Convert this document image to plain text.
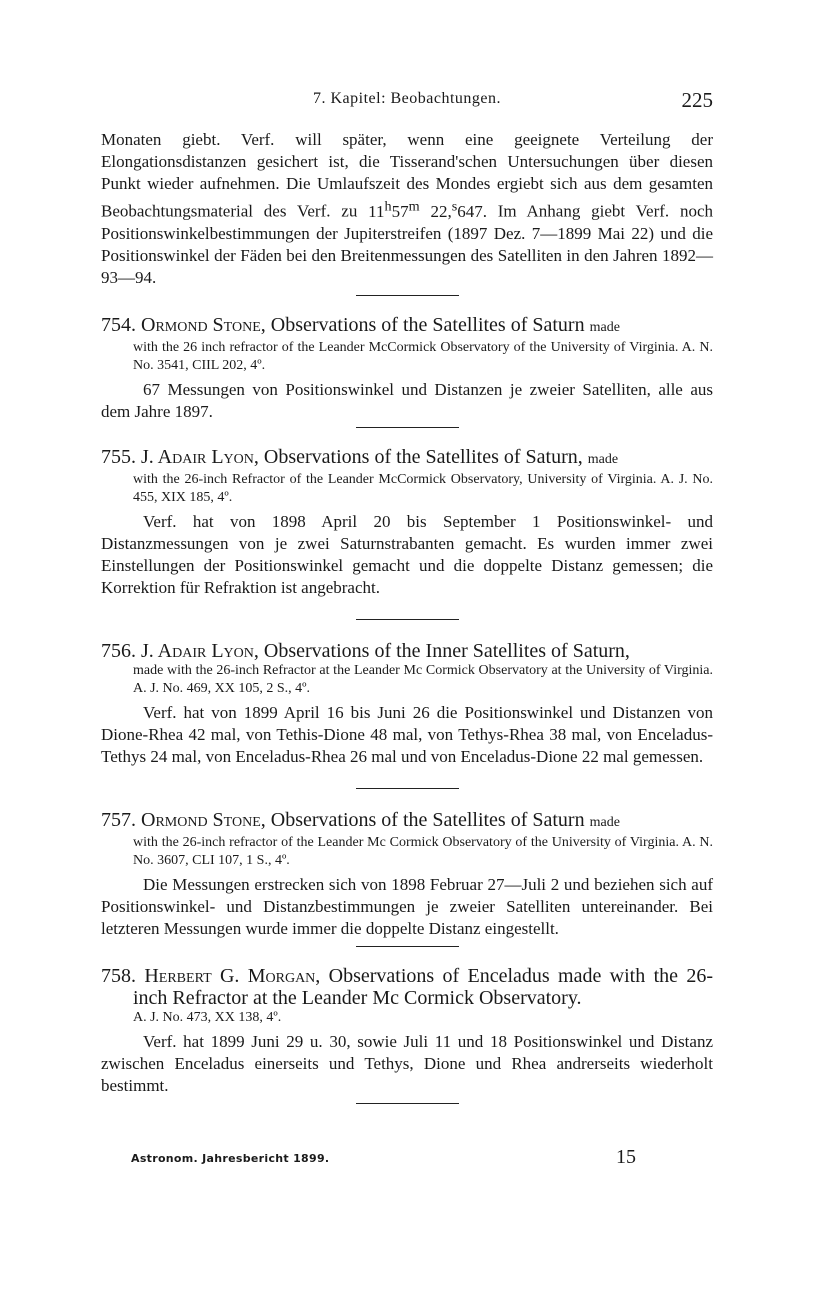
7. Kapitel: Beobachtungen.	225

Monaten giebt. Verf. will später, wenn eine geeignete Verteilung der Elongationsdistanzen gesichert ist, die Tisserand'schen Untersuchungen über diesen Punkt wieder aufnehmen. Die Umlaufszeit des Mondes ergiebt sich aus dem gesamten Beobachtungsmaterial des Verf. zu 11$^h$57$^m$ 22,$^s$647. Im Anhang giebt Verf. noch Positionswinkelbestimmungen der Jupiterstreifen (1897 Dez. 7—1899 Mai 22) und die Positionswinkel der Fäden bei den Breitenmessungen des Satelliten in den Jahren 1892—93—94.

754. Ormond Stone, Observations of the Satellites of Saturn made

with the 26 inch refractor of the Leander McCormick Observatory of the University of Virginia. A. N. No. 3541, CIIL 202, 4º.

67 Messungen von Positionswinkel und Distanzen je zweier Satelliten, alle aus dem Jahre 1897.

755. J. Adair Lyon, Observations of the Satellites of Saturn, made

with the 26-inch Refractor of the Leander McCormick Observatory, University of Virginia. A. J. No. 455, XIX 185, 4º.

Verf. hat von 1898 April 20 bis September 1 Positionswinkel- und Distanzmessungen von je zwei Saturnstrabanten gemacht. Es wurden immer zwei Einstellungen der Positionswinkel gemacht und die doppelte Distanz gemessen; die Korrektion für Refraktion ist angebracht.

756. J. Adair Lyon, Observations of the Inner Satellites of Saturn,

made with the 26-inch Refractor at the Leander Mc Cormick Observatory at the University of Virginia. A. J. No. 469, XX 105, 2 S., 4º.

Verf. hat von 1899 April 16 bis Juni 26 die Positionswinkel und Distanzen von Dione-Rhea 42 mal, von Tethis-Dione 48 mal, von Tethys-Rhea 38 mal, von Enceladus-Tethys 24 mal, von Enceladus-Rhea 26 mal und von Enceladus-Dione 22 mal gemessen.

757. Ormond Stone, Observations of the Satellites of Saturn made

with the 26-inch refractor of the Leander Mc Cormick Observatory of the University of Virginia. A. N. No. 3607, CLI 107, 1 S., 4º.

Die Messungen erstrecken sich von 1898 Februar 27—Juli 2 und beziehen sich auf Positionswinkel- und Distanzbestimmungen je zweier Satelliten untereinander. Bei letzteren Messungen wurde immer die doppelte Distanz eingestellt.

758. Herbert G. Morgan, Observations of Enceladus made with the 26-inch Refractor at the Leander Mc Cormick Observatory.

A. J. No. 473, XX 138, 4º.

Verf. hat 1899 Juni 29 u. 30, sowie Juli 11 und 18 Positionswinkel und Distanz zwischen Enceladus einerseits und Tethys, Dione und Rhea andrerseits wiederholt bestimmt.

Astronom. Jahresbericht 1899.	15
